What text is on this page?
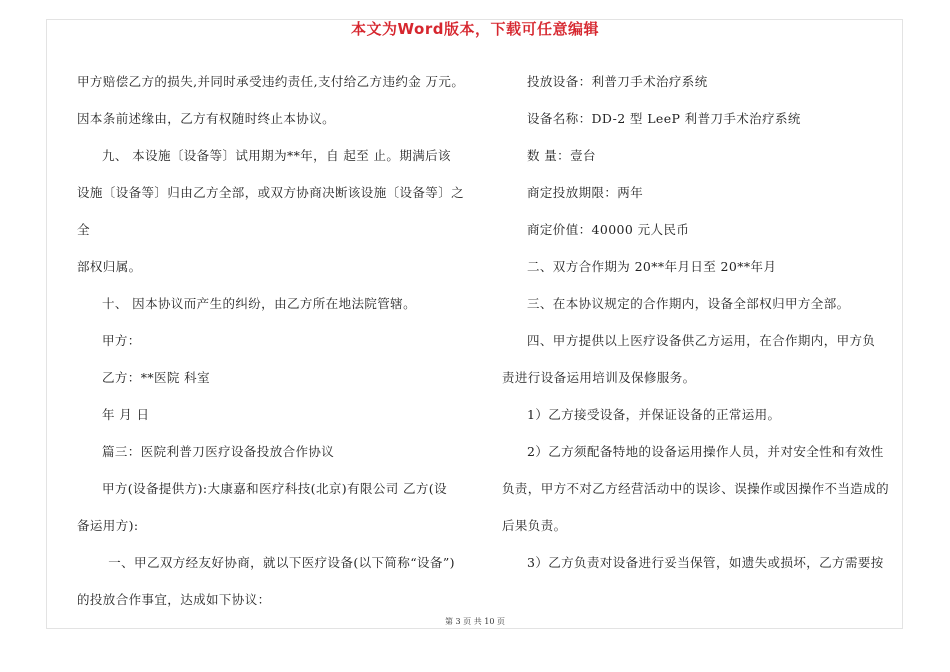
本文为Word版本，下载可任意编辑

甲方赔偿乙方的损失,并同时承受违约责任,支付给乙方违约金 万元。

因本条前述缘由，乙方有权随时终止本协议。

九、 本设施〔设备等〕试用期为**年，自 起至 止。期满后该

设施〔设备等〕归由乙方全部，或双方协商决断该设施〔设备等〕之全

部权归属。

十、 因本协议而产生的纠纷，由乙方所在地法院管辖。

甲方：

乙方：**医院 科室

年 月 日

篇三：医院利普刀医疗设备投放合作协议

甲方(设备提供方):大康嘉和医疗科技(北京)有限公司 乙方(设

备运用方):

一、甲乙双方经友好协商，就以下医疗设备(以下简称“设备”)

的投放合作事宜，达成如下协议：

投放设备：利普刀手术治疗系统

设备名称：DD-2 型 LeeP 利普刀手术治疗系统

数 量：壹台

商定投放期限：两年

商定价值：40000 元人民币

二、双方合作期为 20**年月日至 20**年月

三、在本协议规定的合作期内，设备全部权归甲方全部。

四、甲方提供以上医疗设备供乙方运用，在合作期内，甲方负

责进行设备运用培训及保修服务。

1）乙方接受设备，并保证设备的正常运用。

2）乙方须配备特地的设备运用操作人员，并对安全性和有效性

负责，甲方不对乙方经营活动中的误诊、误操作或因操作不当造成的

后果负责。

3）乙方负责对设备进行妥当保管，如遗失或损坏，乙方需要按

第 3 页 共 10 页
